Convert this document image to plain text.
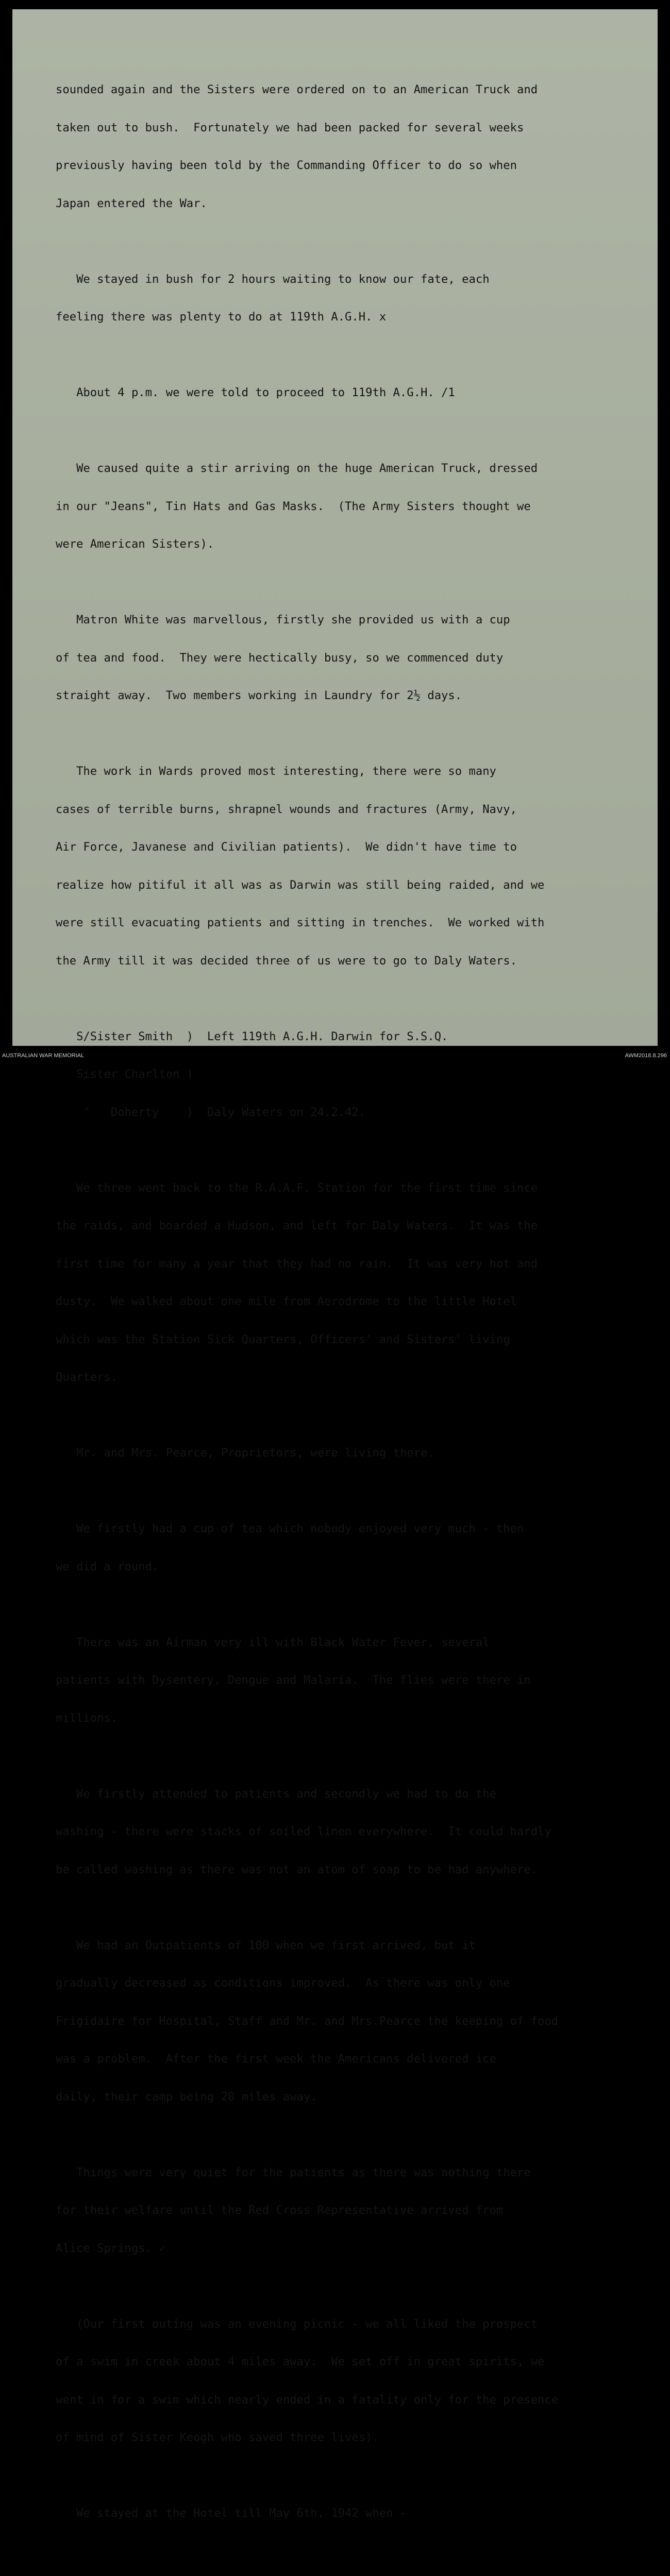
sounded again and the Sisters were ordered on to an American Truck and

taken out to bush.  Fortunately we had been packed for several weeks

previously having been told by the Commanding Officer to do so when

Japan entered the War.

We stayed in bush for 2 hours waiting to know our fate, each

feeling there was plenty to do at 119th A.G.H. x

About 4 p.m. we were told to proceed to 119th A.G.H. /1

We caused quite a stir arriving on the huge American Truck, dressed

in our "Jeans", Tin Hats and Gas Masks.  (The Army Sisters thought we

were American Sisters).

Matron White was marvellous, firstly she provided us with a cup

of tea and food.  They were hectically busy, so we commenced duty

straight away.  Two members working in Laundry for 2½ days.

The work in Wards proved most interesting, there were so many

cases of terrible burns, shrapnel wounds and fractures (Army, Navy,

Air Force, Javanese and Civilian patients).  We didn't have time to

realize how pitiful it all was as Darwin was still being raided, and we

were still evacuating patients and sitting in trenches.  We worked with

the Army till it was decided three of us were to go to Daly Waters.

S/Sister Smith  )  Left 119th A.G.H. Darwin for S.S.Q.

Sister Charlton )

"   Doherty    )  Daly Waters on 24.2.42.

We three went back to the R.A.A.F. Station for the first time since

the raids, and boarded a Hudson, and left for Daly Waters.  It was the

first time for many a year that they had no rain.  It was very hot and

dusty.  We walked about one mile from Aerodrome to the little Hotel

which was the Station Sick Quarters, Officers' and Sisters' living

Quarters.

Mr. and Mrs. Pearce, Proprietors, were living there.

We firstly had a cup of tea which nobody enjoyed very much - then

we did a round.

There was an Airman very ill with Black Water Fever, several

patients with Dysentery, Dengue and Malaria.  The flies were there in

millions.

We firstly attended to patients and secondly we had to do the

washing - there were stacks of soiled linen everywhere.  It could hardly

be called washing as there was not an atom of soap to be had anywhere.

We had an Outpatients of 100 when we first arrived, but it

gradually decreased as conditions improved.  As there was only one

Frigidaire for Hospital, Staff and Mr. and Mrs.Pearce the keeping of food

was a problem.  After the first week the Americans delivered ice

daily, their camp being 20 miles away.

Things were very quiet for the patients as there was nothing there

for their welfare until the Red Cross Representative arrived from

Alice Springs. ✓

(Our first outing was an evening picnic - we all liked the prospect

of a swim in creek about 4 miles away.  We set off in great spirits, we

went in for a swim which nearly ended in a fatality only for the presence

of mind of Sister Keogh who saved three lives).

We stayed at the Hotel till May 6th, 1942 when -

AUSTRALIAN WAR MEMORIAL	AWM2018.8.296
